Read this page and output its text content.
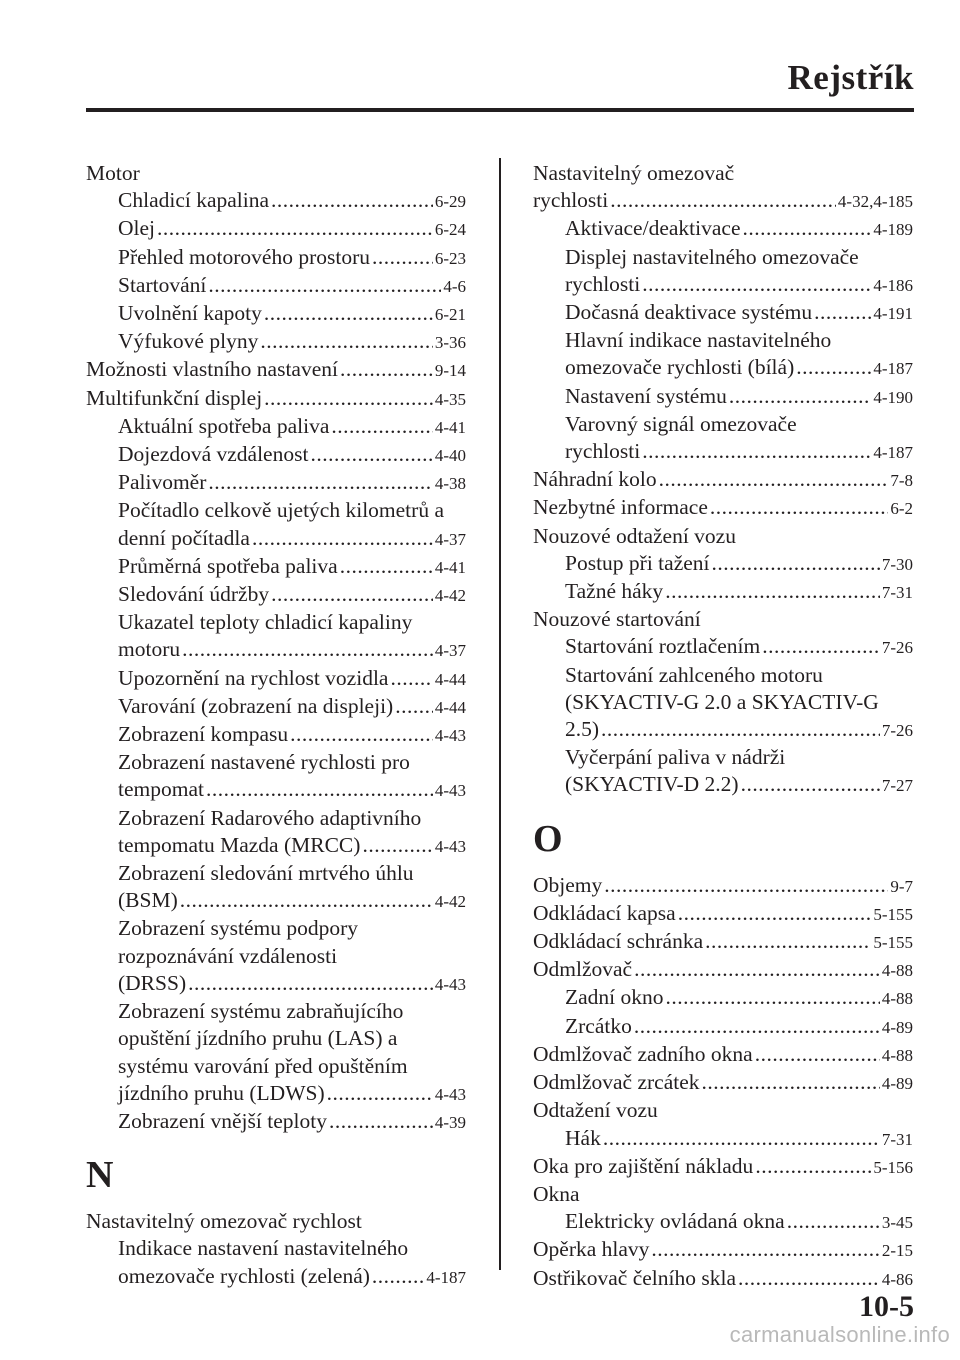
Rejstřík
Motor
Chladicí kapalina .....	6-29
Olej .....	6-24
Přehled motorového prostoru .....	6-23
Startování .....	4-6
Uvolnění kapoty .....	6-21
Výfukové plyny .....	3-36
Možnosti vlastního nastavení .....	9-14
Multifunkční displej .....	4-35
Aktuální spotřeba paliva .....	4-41
Dojezdová vzdálenost .....	4-40
Palivoměr .....	4-38
Počítadlo celkově ujetých kilometrů a
denní počítadla .....	4-37
Průměrná spotřeba paliva .....	4-41
Sledování údržby .....	4-42
Ukazatel teploty chladicí kapaliny
motoru .....	4-37
Upozornění na rychlost vozidla .....	4-44
Varování (zobrazení na displeji) ..... 4-44
Zobrazení kompasu .....	4-43
Zobrazení nastavené rychlosti pro
tempomat .....	4-43
Zobrazení Radarového adaptivního
tempomatu Mazda (MRCC) .....	4-43
Zobrazení sledování mrtvého úhlu
(BSM) .....	4-42
Zobrazení systému podpory
rozpoznávání vzdálenosti
(DRSS) .....	4-43
Zobrazení systému zabraňujícího
opuštění jízdního pruhu (LAS) a
systému varování před opuštěním
jízdního pruhu (LDWS) .....	4-43
Zobrazení vnější teploty .....	4-39
N
Nastavitelný omezovač rychlost
Indikace nastavení nastavitelného
omezovače rychlosti (zelená) .....	4-187
Nastavitelný omezovač
rychlosti .....	4-32,4-185
Aktivace/deaktivace .....	4-189
Displej nastavitelného omezovače
rychlosti .....	4-186
Dočasná deaktivace systému .....	4-191
Hlavní indikace nastavitelného
omezovače rychlosti (bílá) .....	4-187
Nastavení systému .....	4-190
Varovný signál omezovače
rychlosti .....	4-187
Náhradní kolo .....	7-8
Nezbytné informace .....	6-2
Nouzové odtažení vozu
Postup při tažení .....	7-30
Tažné háky .....	7-31
Nouzové startování
Startování roztlačením .....	7-26
Startování zahlceného motoru
(SKYACTIV-G 2.0 a SKYACTIV-G
2.5) .....	7-26
Vyčerpání paliva v nádrži
(SKYACTIV-D 2.2) .....	7-27
O
Objemy .....	9-7
Odkládací kapsa .....	5-155
Odkládací schránka .....	5-155
Odmlžovač .....	4-88
Zadní okno .....	4-88
Zrcátko .....	4-89
Odmlžovač zadního okna .....	4-88
Odmlžovač zrcátek .....	4-89
Odtažení vozu
Hák .....	7-31
Oka pro zajištění nákladu .....	5-156
Okna
Elektricky ovládaná okna .....	3-45
Opěrka hlavy .....	2-15
Ostřikovač čelního skla .....	4-86
10-5
carmanualsonline.info
